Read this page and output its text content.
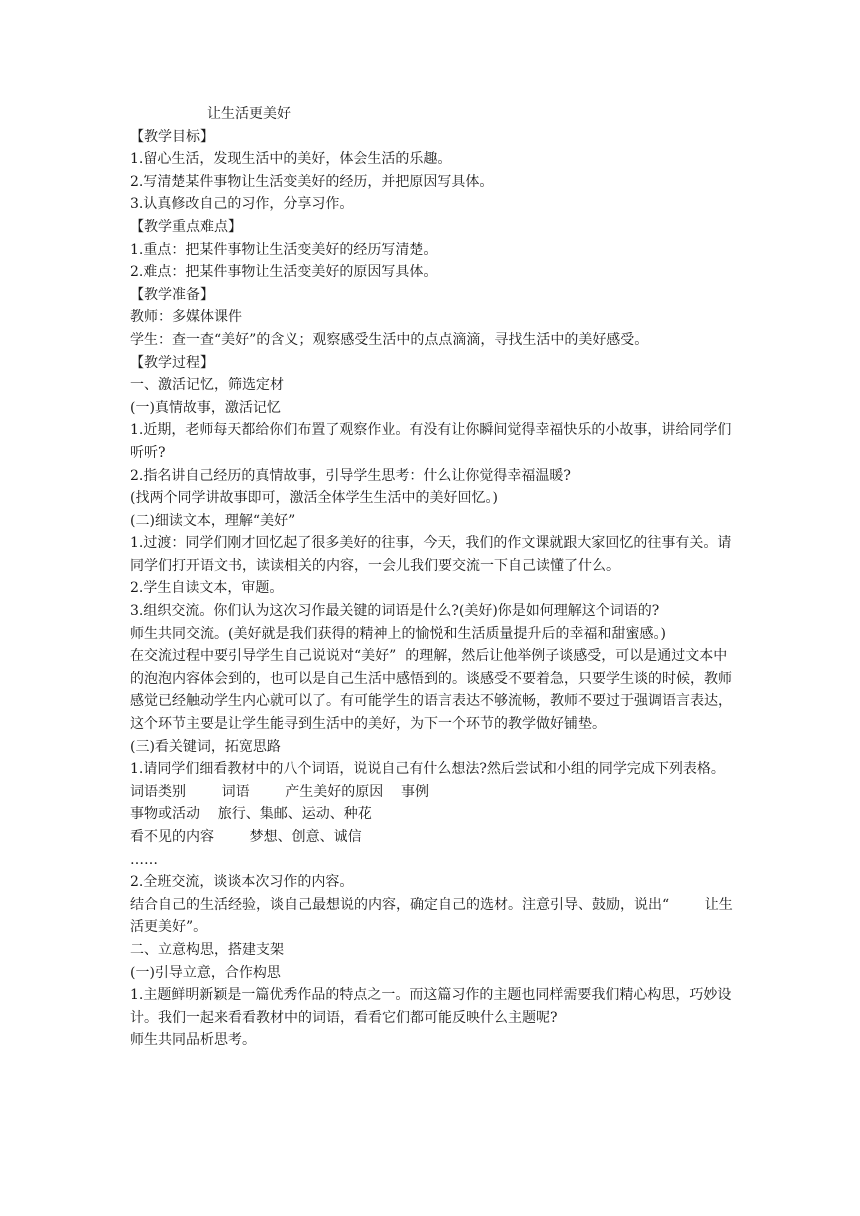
让生活更美好

【教学目标】

1.留心生活，发现生活中的美好，体会生活的乐趣。

2.写清楚某件事物让生活变美好的经历，并把原因写具体。

3.认真修改自己的习作，分享习作。

【教学重点难点】

1.重点：把某件事物让生活变美好的经历写清楚。

2.难点：把某件事物让生活变美好的原因写具体。

【教学准备】

教师：多媒体课件

学生：查一查“美好”的含义；观察感受生活中的点点滴滴，寻找生活中的美好感受。

【教学过程】

一、激活记忆，筛选定材

(一)真情故事，激活记忆

1.近期，老师每天都给你们布置了观察作业。有没有让你瞬间觉得幸福快乐的小故事，讲给同学们听听?

2.指名讲自己经历的真情故事，引导学生思考：什么让你觉得幸福温暖?

(找两个同学讲故事即可，激活全体学生生活中的美好回忆。)

(二)细读文本，理解“美好”

1.过渡：同学们刚才回忆起了很多美好的往事，今天，我们的作文课就跟大家回忆的往事有关。请同学们打开语文书，读读相关的内容，一会儿我们要交流一下自己读懂了什么。

2.学生自读文本，审题。

3.组织交流。你们认为这次习作最关键的词语是什么?(美好)你是如何理解这个词语的?

师生共同交流。(美好就是我们获得的精神上的愉悦和生活质量提升后的幸福和甜蜜感。)

在交流过程中要引导学生自己说说对“美好”  的理解，然后让他举例子谈感受，可以是通过文本中的泡泡内容体会到的，也可以是自己生活中感悟到的。谈感受不要着急，只要学生谈的时候，教师感觉已经触动学生内心就可以了。有可能学生的语言表达不够流畅，教师不要过于强调语言表达，这个环节主要是让学生能寻到生活中的美好，为下一个环节的教学做好铺垫。

(三)看关键词，拓宽思路

1.请同学们细看教材中的八个词语，说说自己有什么想法?然后尝试和小组的同学完成下列表格。

词语类别        词语        产生美好的原因    事例

事物或活动    旅行、集邮、运动、种花

看不见的内容        梦想、创意、诚信

……

2.全班交流，谈谈本次习作的内容。

结合自己的生活经验，谈自己最想说的内容，确定自己的选材。注意引导、鼓励，说出“        让生活更美好”。

二、立意构思，搭建支架

(一)引导立意，合作构思

1.主题鲜明新颖是一篇优秀作品的特点之一。而这篇习作的主题也同样需要我们精心构思，巧妙设计。我们一起来看看教材中的词语，看看它们都可能反映什么主题呢?

师生共同品析思考。
